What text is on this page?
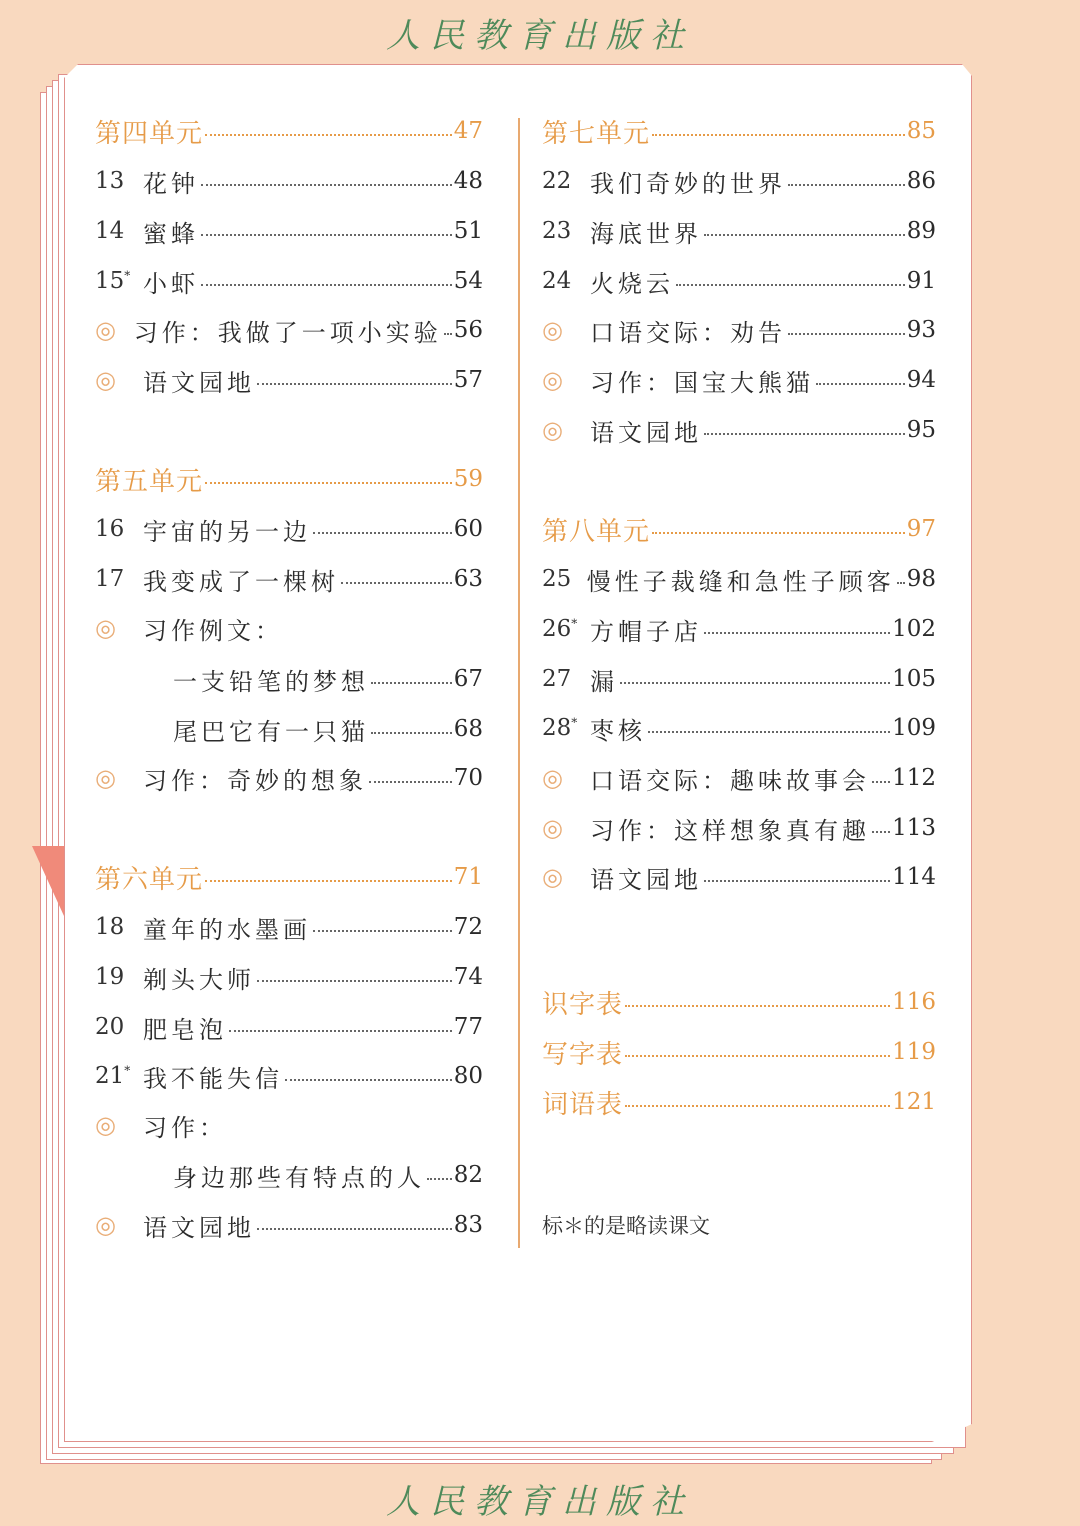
人民教育出版社
第四单元	47
13 花钟	48
14 蜜蜂	51
15* 小虾	54
◎ 习作：我做了一项小实验 56
◎	语文园地	57
第五单元	59
16 宇宙的另一边	60
17 我变成了一棵树	63
◎	习作例文：
一支铅笔的梦想	67
尾巴它有一只猫	68
◎	习作：奇妙的想象	70
第六单元	71
18 童年的水墨画	72
19 剃头大师	74
20 肥皂泡	77
21* 我不能失信	80
◎	习作：
身边那些有特点的人 82
◎	语文园地	83
第七单元	85
22 我们奇妙的世界	86
23 海底世界	89
24 火烧云	91
◎	口语交际：劝告	93
◎	习作：国宝大熊猫	94
◎	语文园地	95
第八单元	97
25 慢性子裁缝和急性子顾客 98
26* 方帽子店	102
27 漏	105
28* 枣核	109
◎	口语交际：趣味故事会 112
◎	习作：这样想象真有趣 113
◎	语文园地	114
识字表	116
写字表	119
词语表	121
标＊的是略读课文
人民教育出版社
